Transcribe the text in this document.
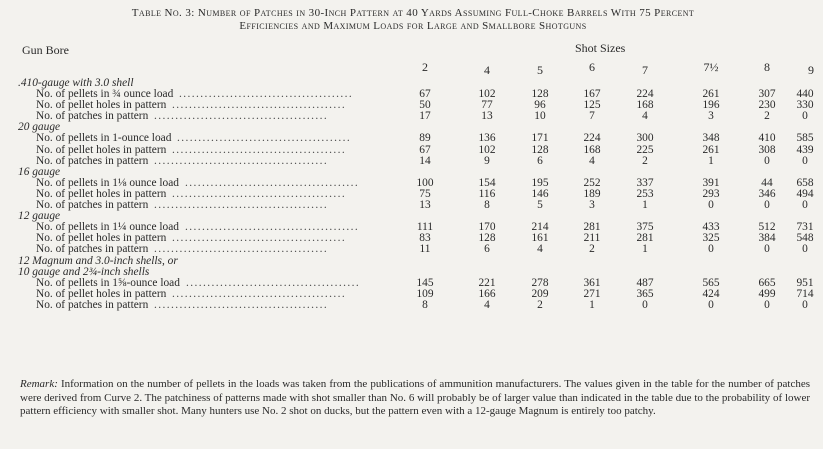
Table No. 3: Number of Patches in 30-Inch Pattern at 40 Yards Assuming Full-Choke Barrels With 75 Percent
Efficiencies and Maximum Loads for Large and Smallbore Shotguns
Gun Bore	Shot Sizes
2	4	5	6	7	7½	8	9
.410-gauge with 3.0 shell
No. of pellets in ¾ ounce load .........................................	67	102	128	167	224	261	307	440
No. of pellet holes in pattern .........................................	50	77	96	125	168	196	230	330
No. of patches in pattern .........................................	17	13	10	7	4	3	2	0
20 gauge
No. of pellets in 1-ounce load .........................................	89	136	171	224	300	348	410	585
No. of pellet holes in pattern .........................................	67	102	128	168	225	261	308	439
No. of patches in pattern .........................................	14	9	6	4	2	1	0	0
16 gauge
No. of pellets in 1⅛ ounce load .........................................	100	154	195	252	337	391	44	658
No. of pellet holes in pattern .........................................	75	116	146	189	253	293	346	494
No. of patches in pattern .........................................	13	8	5	3	1	0	0	0
12 gauge
No. of pellets in 1¼ ounce load .........................................	111	170	214	281	375	433	512	731
No. of pellet holes in pattern .........................................	83	128	161	211	281	325	384	548
No. of patches in pattern .........................................	11	6	4	2	1	0	0	0
12 Magnum and 3.0-inch shells, or
10 gauge and 2¾-inch shells
No. of pellets in 1⅝-ounce load .........................................	145	221	278	361	487	565	665	951
No. of pellet holes in pattern .........................................	109	166	209	271	365	424	499	714
No. of patches in pattern .........................................	8	4	2	1	0	0	0	0
Remark: Information on the number of pellets in the loads was taken from the publications of ammunition manufacturers. The values given in the table for the number of patches were derived from Curve 2. The patchiness of patterns made with shot smaller than No. 6 will probably be of larger value than indicated in the table due to the probability of lower pattern efficiency with smaller shot. Many hunters use No. 2 shot on ducks, but the pattern even with a 12-gauge Magnum is entirely too patchy.
